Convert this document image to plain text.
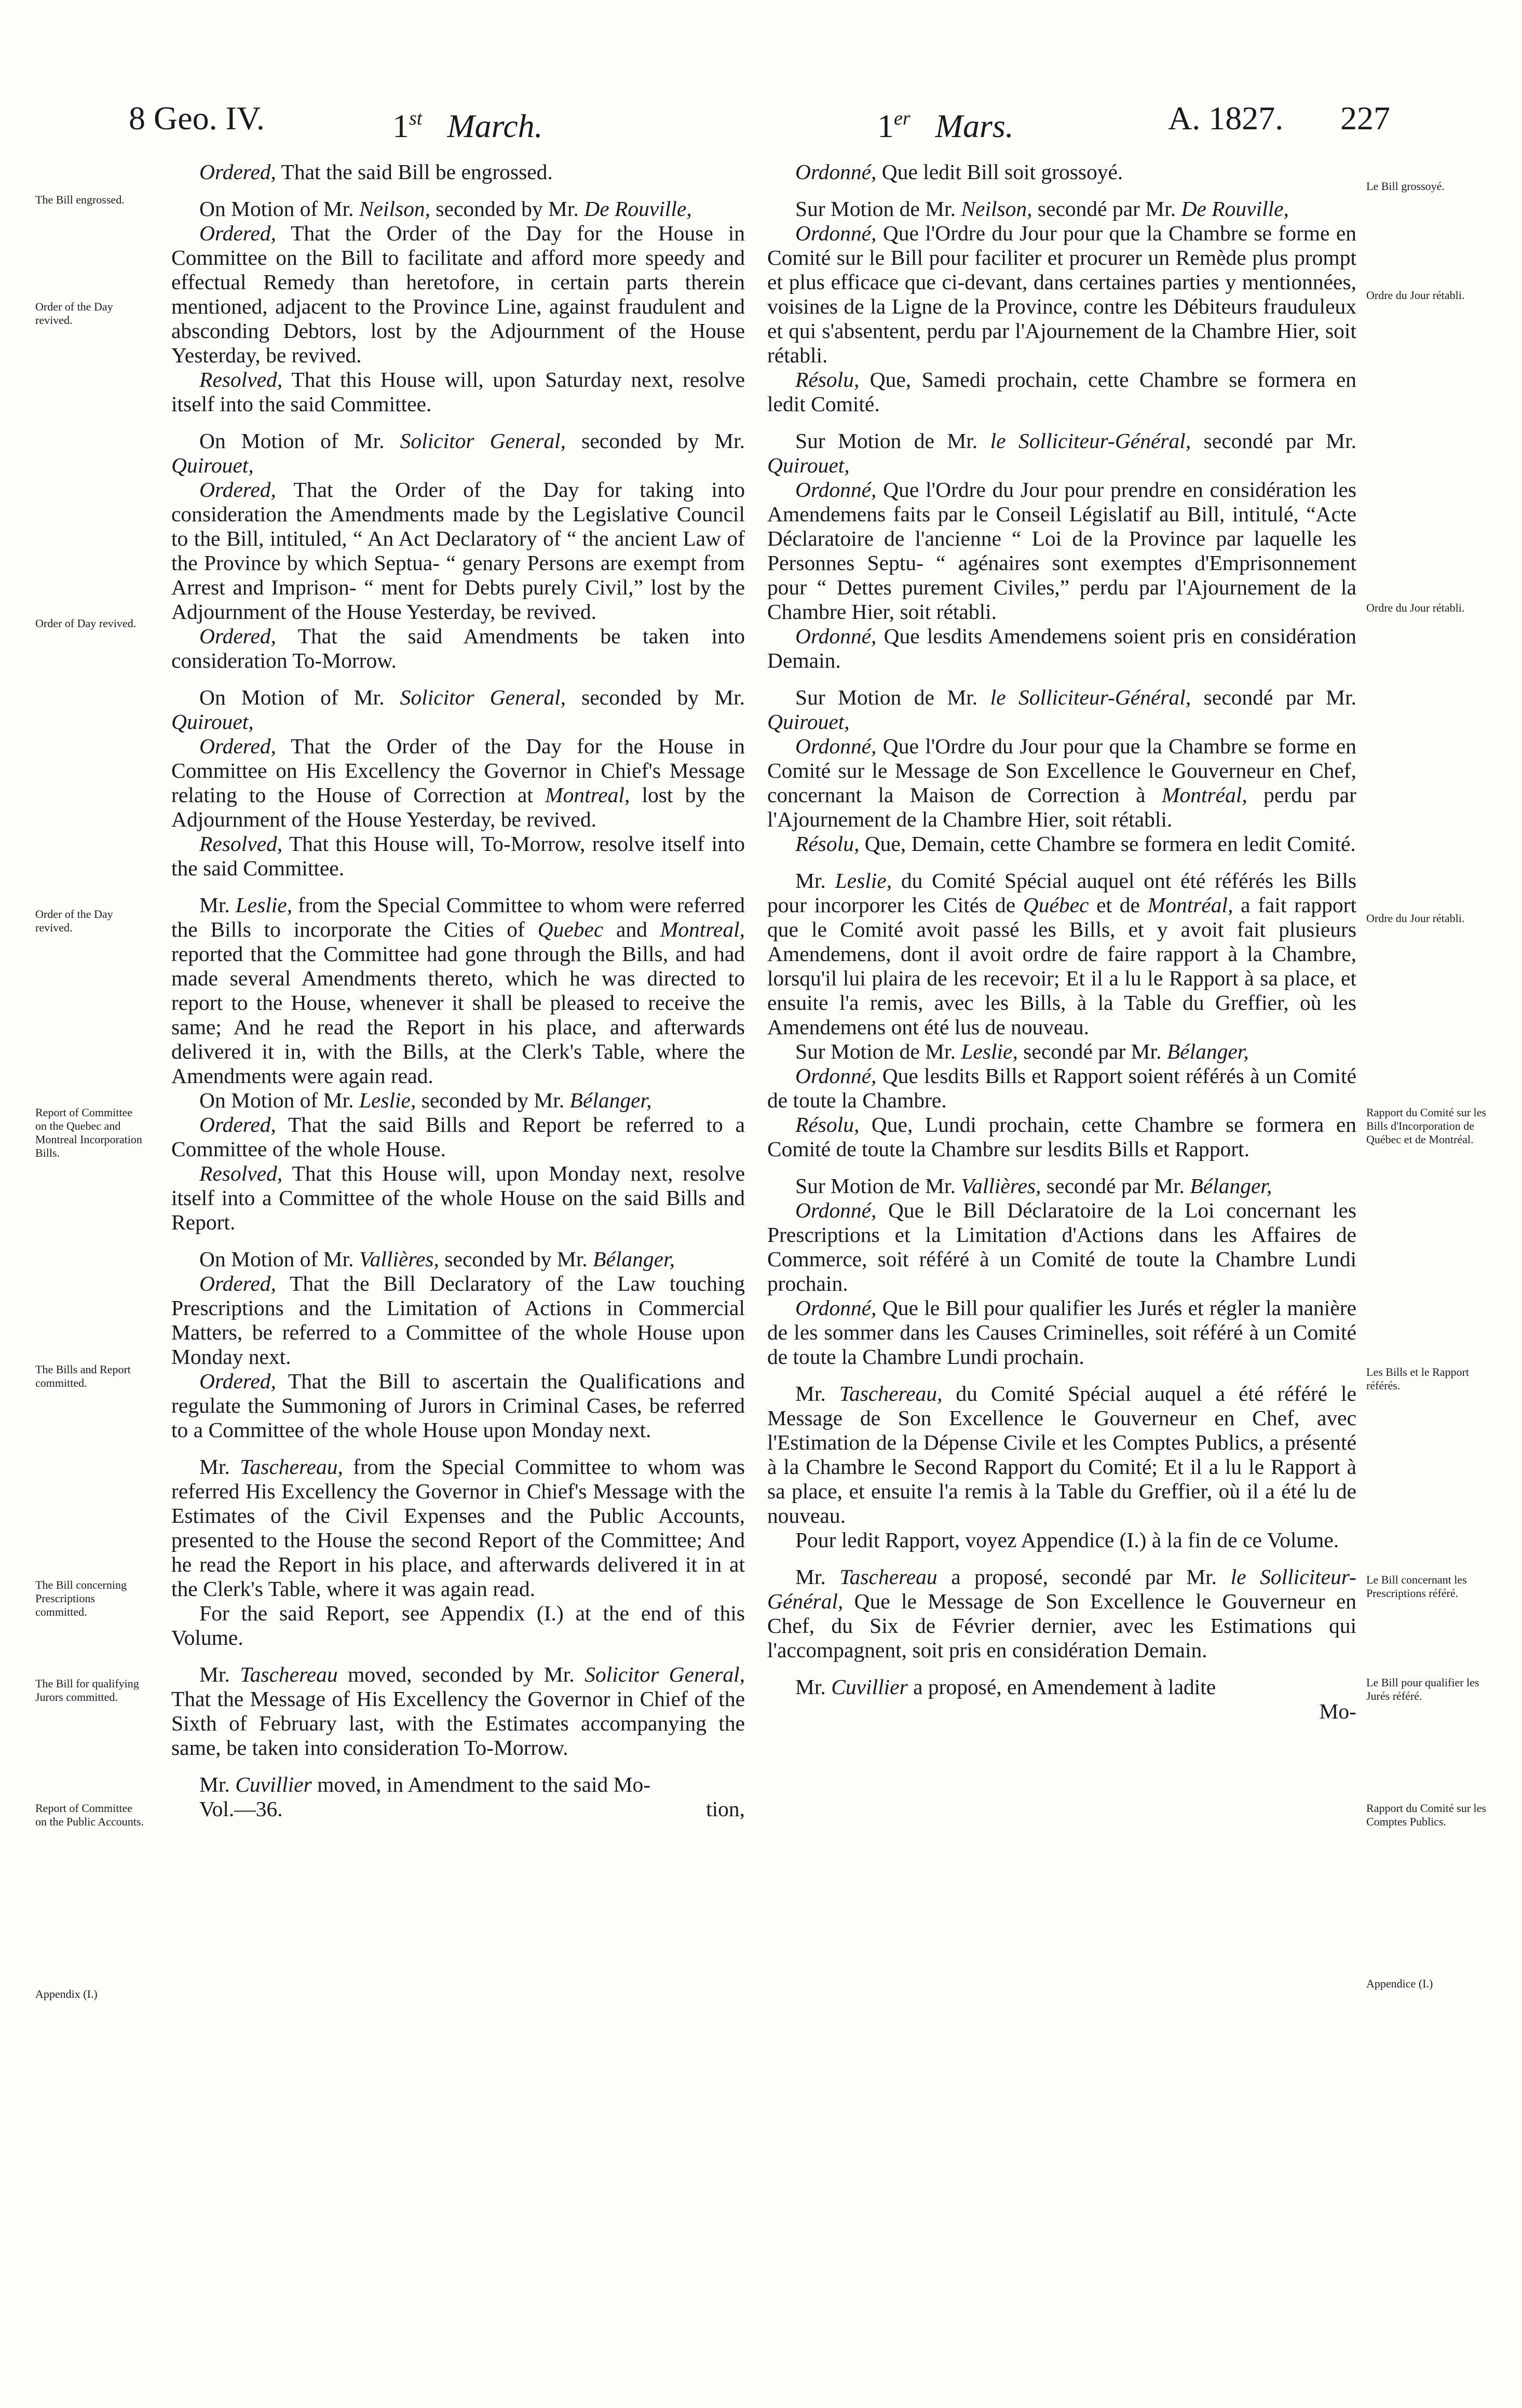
8 Geo. IV.	1st March.	1er Mars.	A. 1827. 227

Ordered, That the said Bill be engrossed.

On Motion of Mr. Neilson, seconded by Mr. De Rouville,

Ordered, That the Order of the Day for the House in Committee on the Bill to facilitate and afford more speedy and effectual Remedy than heretofore, in certain parts therein mentioned, adjacent to the Province Line, against fraudulent and absconding Debtors, lost by the Adjournment of the House Yesterday, be revived.

Resolved, That this House will, upon Saturday next, resolve itself into the said Committee.

On Motion of Mr. Solicitor General, seconded by Mr. Quirouet,

Ordered, That the Order of the Day for taking into consideration the Amendments made by the Legislative Council to the Bill, intituled, “ An Act Declaratory of “ the ancient Law of the Province by which Septua- “ genary Persons are exempt from Arrest and Imprison- “ ment for Debts purely Civil,” lost by the Adjournment of the House Yesterday, be revived.

Ordered, That the said Amendments be taken into consideration To-Morrow.

On Motion of Mr. Solicitor General, seconded by Mr. Quirouet,

Ordered, That the Order of the Day for the House in Committee on His Excellency the Governor in Chief's Message relating to the House of Correction at Montreal, lost by the Adjournment of the House Yesterday, be revived.

Resolved, That this House will, To-Morrow, resolve itself into the said Committee.

Mr. Leslie, from the Special Committee to whom were referred the Bills to incorporate the Cities of Quebec and Montreal, reported that the Committee had gone through the Bills, and had made several Amendments thereto, which he was directed to report to the House, whenever it shall be pleased to receive the same; And he read the Report in his place, and afterwards delivered it in, with the Bills, at the Clerk's Table, where the Amendments were again read.

On Motion of Mr. Leslie, seconded by Mr. Bélanger,

Ordered, That the said Bills and Report be referred to a Committee of the whole House.

Resolved, That this House will, upon Monday next, resolve itself into a Committee of the whole House on the said Bills and Report.

On Motion of Mr. Vallières, seconded by Mr. Bélanger,

Ordered, That the Bill Declaratory of the Law touching Prescriptions and the Limitation of Actions in Commercial Matters, be referred to a Committee of the whole House upon Monday next.

Ordered, That the Bill to ascertain the Qualifications and regulate the Summoning of Jurors in Criminal Cases, be referred to a Committee of the whole House upon Monday next.

Mr. Taschereau, from the Special Committee to whom was referred His Excellency the Governor in Chief's Message with the Estimates of the Civil Expenses and the Public Accounts, presented to the House the second Report of the Committee; And he read the Report in his place, and afterwards delivered it in at the Clerk's Table, where it was again read.

For the said Report, see Appendix (I.) at the end of this Volume.

Mr. Taschereau moved, seconded by Mr. Solicitor General, That the Message of His Excellency the Governor in Chief of the Sixth of February last, with the Estimates accompanying the same, be taken into consideration To-Morrow.

Mr. Cuvillier moved, in Amendment to the said Mo-

Vol.—36.	tion,

Ordonné, Que ledit Bill soit grossoyé.

Sur Motion de Mr. Neilson, secondé par Mr. De Rouville,

Ordonné, Que l'Ordre du Jour pour que la Chambre se forme en Comité sur le Bill pour faciliter et procurer un Remède plus prompt et plus efficace que ci-devant, dans certaines parties y mentionnées, voisines de la Ligne de la Province, contre les Débiteurs frauduleux et qui s'absentent, perdu par l'Ajournement de la Chambre Hier, soit rétabli.

Résolu, Que, Samedi prochain, cette Chambre se formera en ledit Comité.

Sur Motion de Mr. le Solliciteur-Général, secondé par Mr. Quirouet,

Ordonné, Que l'Ordre du Jour pour prendre en considération les Amendemens faits par le Conseil Législatif au Bill, intitulé, “Acte Déclaratoire de l'ancienne “ Loi de la Province par laquelle les Personnes Septu- “ agénaires sont exemptes d'Emprisonnement pour “ Dettes purement Civiles,” perdu par l'Ajournement de la Chambre Hier, soit rétabli.

Ordonné, Que lesdits Amendemens soient pris en considération Demain.

Sur Motion de Mr. le Solliciteur-Général, secondé par Mr. Quirouet,

Ordonné, Que l'Ordre du Jour pour que la Chambre se forme en Comité sur le Message de Son Excellence le Gouverneur en Chef, concernant la Maison de Correction à Montréal, perdu par l'Ajournement de la Chambre Hier, soit rétabli.

Résolu, Que, Demain, cette Chambre se formera en ledit Comité.

Mr. Leslie, du Comité Spécial auquel ont été référés les Bills pour incorporer les Cités de Québec et de Montréal, a fait rapport que le Comité avoit passé les Bills, et y avoit fait plusieurs Amendemens, dont il avoit ordre de faire rapport à la Chambre, lorsqu'il lui plaira de les recevoir; Et il a lu le Rapport à sa place, et ensuite l'a remis, avec les Bills, à la Table du Greffier, où les Amendemens ont été lus de nouveau.

Sur Motion de Mr. Leslie, secondé par Mr. Bélanger,

Ordonné, Que lesdits Bills et Rapport soient référés à un Comité de toute la Chambre.

Résolu, Que, Lundi prochain, cette Chambre se formera en Comité de toute la Chambre sur lesdits Bills et Rapport.

Sur Motion de Mr. Vallières, secondé par Mr. Bélanger,

Ordonné, Que le Bill Déclaratoire de la Loi concernant les Prescriptions et la Limitation d'Actions dans les Affaires de Commerce, soit référé à un Comité de toute la Chambre Lundi prochain.

Ordonné, Que le Bill pour qualifier les Jurés et régler la manière de les sommer dans les Causes Criminelles, soit référé à un Comité de toute la Chambre Lundi prochain.

Mr. Taschereau, du Comité Spécial auquel a été référé le Message de Son Excellence le Gouverneur en Chef, avec l'Estimation de la Dépense Civile et les Comptes Publics, a présenté à la Chambre le Second Rapport du Comité; Et il a lu le Rapport à sa place, et ensuite l'a remis à la Table du Greffier, où il a été lu de nouveau.

Pour ledit Rapport, voyez Appendice (I.) à la fin de ce Volume.

Mr. Taschereau a proposé, secondé par Mr. le Solliciteur-Général, Que le Message de Son Excellence le Gouverneur en Chef, du Six de Février dernier, avec les Estimations qui l'accompagnent, soit pris en considération Demain.

Mr. Cuvillier a proposé, en Amendement à ladite

Mo-

The Bill engrossed.
Order of the Day revived.
Order of Day revived.
Order of the Day revived.
Report of Committee on the Quebec and Montreal Incorporation Bills.
The Bills and Report committed.
The Bill concerning Prescriptions committed.
The Bill for qualifying Jurors committed.
Report of Committee on the Public Accounts.
Appendix (I.)
Le Bill grossoyé.
Ordre du Jour rétabli.
Ordre du Jour rétabli.
Ordre du Jour rétabli.
Rapport du Comité sur les Bills d'Incorporation de Québec et de Montréal.
Les Bills et le Rapport référés.
Le Bill concernant les Prescriptions référé.
Le Bill pour qualifier les Jurés référé.
Rapport du Comité sur les Comptes Publics.
Appendice (I.)
